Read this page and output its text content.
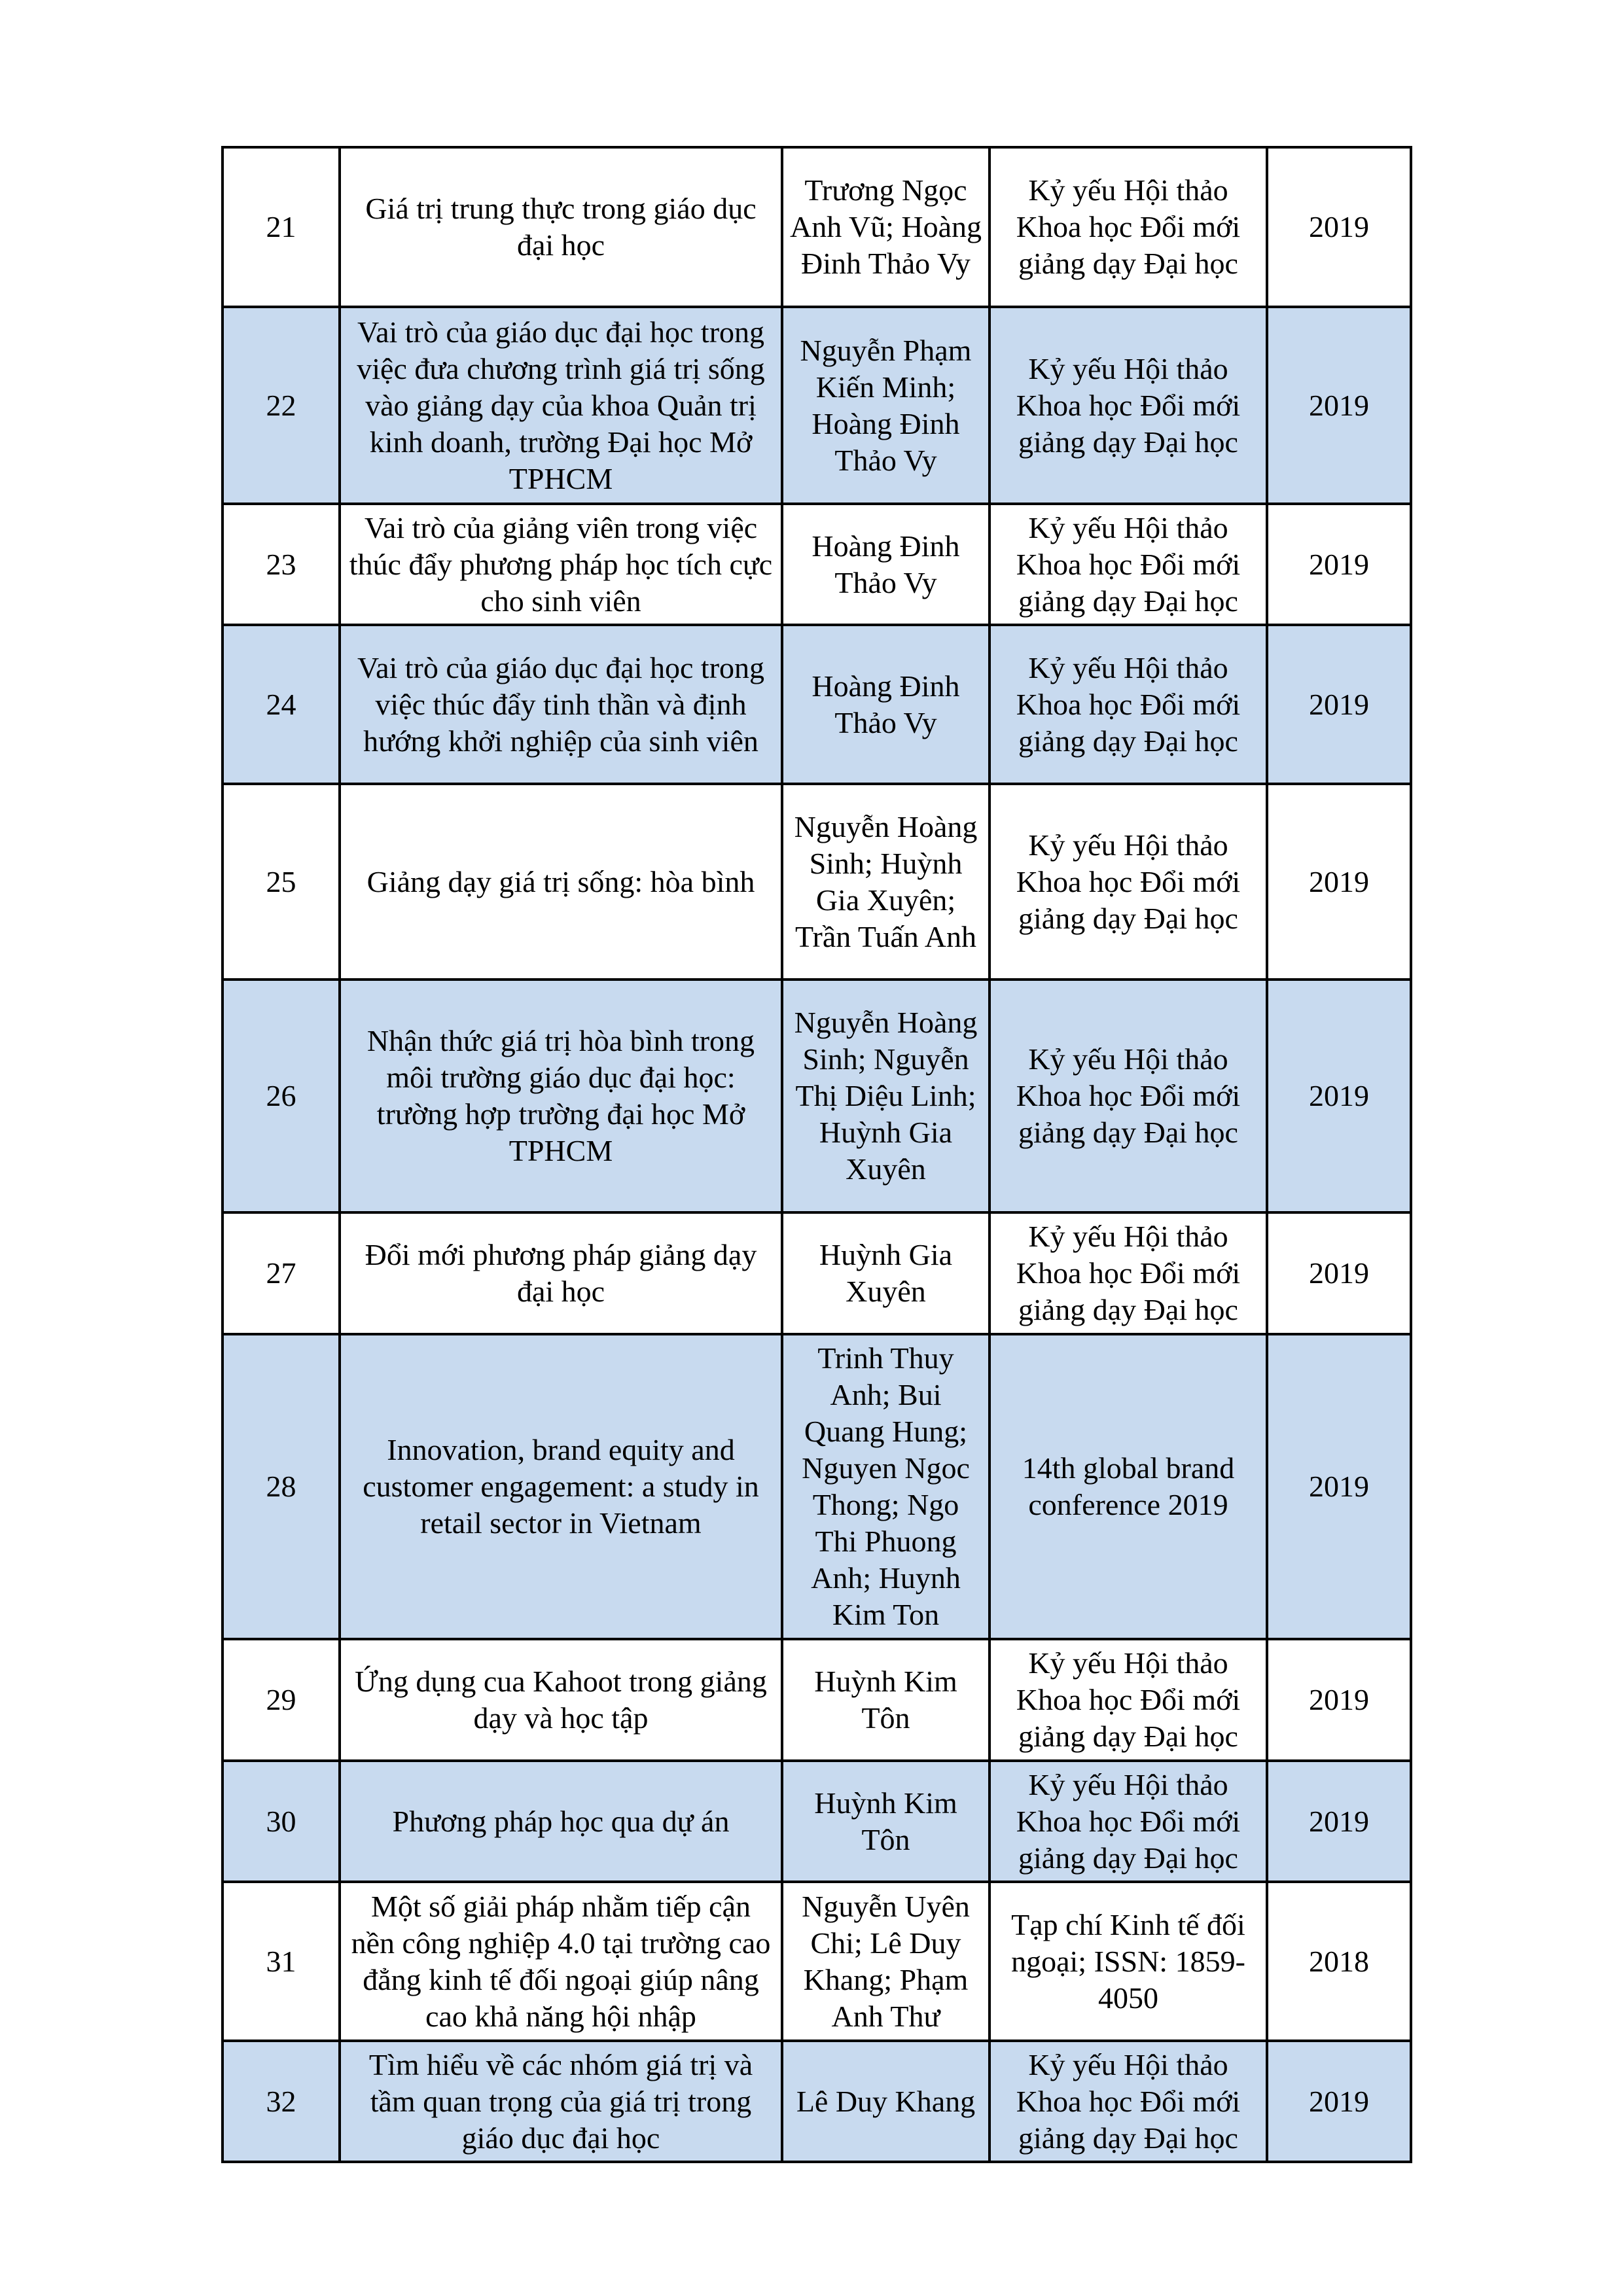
21	Giá trị trung thực trong giáo dục đại học	Trương Ngọc Anh Vũ; Hoàng Đinh Thảo Vy	Kỷ yếu Hội thảo Khoa học Đổi mới giảng dạy Đại học	2019
22	Vai trò của giáo dục đại học trong việc đưa chương trình giá trị sống vào giảng dạy của khoa Quản trị kinh doanh, trường Đại học Mở TPHCM	Nguyễn Phạm Kiến Minh; Hoàng Đinh Thảo Vy	Kỷ yếu Hội thảo Khoa học Đổi mới giảng dạy Đại học	2019
23	Vai trò của giảng viên trong việc thúc đẩy phương pháp học tích cực cho sinh viên	Hoàng Đinh Thảo Vy	Kỷ yếu Hội thảo Khoa học Đổi mới giảng dạy Đại học	2019
24	Vai trò của giáo dục đại học trong việc thúc đẩy tinh thần và định hướng khởi nghiệp của sinh viên	Hoàng Đinh Thảo Vy	Kỷ yếu Hội thảo Khoa học Đổi mới giảng dạy Đại học	2019
25	Giảng dạy giá trị sống: hòa bình	Nguyễn Hoàng Sinh; Huỳnh Gia Xuyên; Trần Tuấn Anh	Kỷ yếu Hội thảo Khoa học Đổi mới giảng dạy Đại học	2019
26	Nhận thức giá trị hòa bình trong môi trường giáo dục đại học: trường hợp trường đại học Mở TPHCM	Nguyễn Hoàng Sinh; Nguyễn Thị Diệu Linh; Huỳnh Gia Xuyên	Kỷ yếu Hội thảo Khoa học Đổi mới giảng dạy Đại học	2019
27	Đổi mới phương pháp giảng dạy đại học	Huỳnh Gia Xuyên	Kỷ yếu Hội thảo Khoa học Đổi mới giảng dạy Đại học	2019
28	Innovation, brand equity and customer engagement: a study in retail sector in Vietnam	Trinh Thuy Anh; Bui Quang Hung; Nguyen Ngoc Thong; Ngo Thi Phuong Anh; Huynh Kim Ton	14th global brand conference 2019	2019
29	Ứng dụng cua Kahoot trong giảng dạy và học tập	Huỳnh Kim Tôn	Kỷ yếu Hội thảo Khoa học Đổi mới giảng dạy Đại học	2019
30	Phương pháp học qua dự án	Huỳnh Kim Tôn	Kỷ yếu Hội thảo Khoa học Đổi mới giảng dạy Đại học	2019
31	Một số giải pháp nhằm tiếp cận nền công nghiệp 4.0 tại trường cao đẳng kinh tế đối ngoại giúp nâng cao khả năng hội nhập	Nguyễn Uyên Chi; Lê Duy Khang; Phạm Anh Thư	Tạp chí Kinh tế đối ngoại; ISSN: 1859-4050	2018
32	Tìm hiểu về các nhóm giá trị và tầm quan trọng của giá trị trong giáo dục đại học	Lê Duy Khang	Kỷ yếu Hội thảo Khoa học Đổi mới giảng dạy Đại học	2019
